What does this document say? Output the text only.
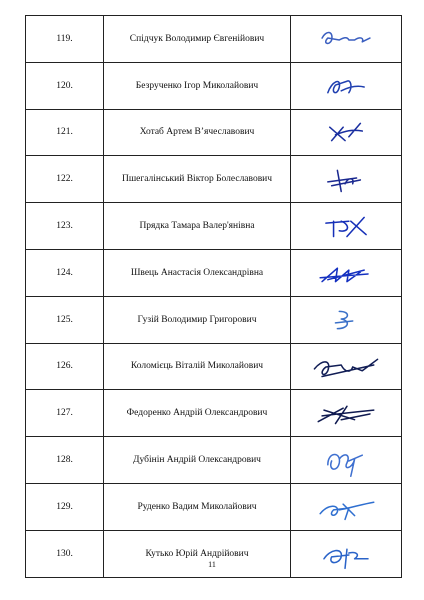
119.	Спідчук Володимир Євгенійович	

120.	Безрученко Ігор Миколайович	

121.	Хотаб Артем В’ячеславович	

122.	Пшегалінський Віктор Болеславович	

123.	Прядка Тамара Валер'янівна	

124.	Швець Анастасія Олександрівна	

125.	Гузій Володимир Григорович	

126.	Коломієць Віталій Миколайович	

127.	Федоренко Андрій Олександрович	

128.	Дубінін Андрій Олександрович	

129.	Руденко Вадим Миколайович	

130.	Кутько Юрій Андрійович	
11
